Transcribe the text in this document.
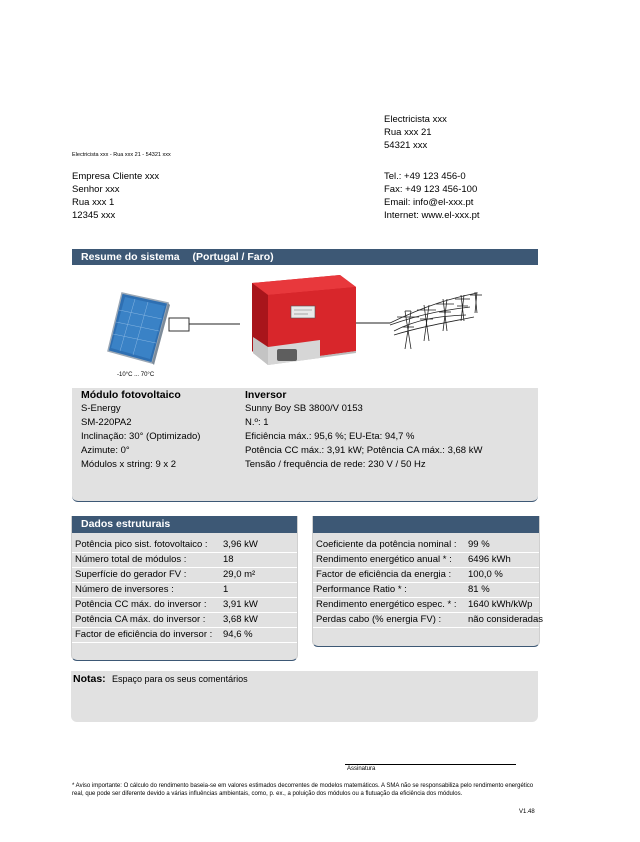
Electricista xxx
Rua xxx 21
54321 xxx
Electricista xxx - Rua xxx 21 - 54321 xxx
Empresa Cliente xxx
Senhor xxx
Rua xxx 1
12345 xxx
Tel.: +49 123 456-0
Fax: +49 123 456-100
Email: info@el-xxx.pt
Internet: www.el-xxx.pt
Resume do sistema (Portugal / Faro)
-10°C ... 70°C
Módulo fotovoltaico
S-Energy
SM-220PA2
Inclinação: 30° (Optimizado)
Azimute: 0°
Módulos x string: 9 x 2
Inversor
Sunny Boy SB 3800/V 0153
N.º: 1
Eficiência máx.: 95,6 %; EU-Eta: 94,7 %
Potência CC máx.: 3,91 kW; Potência CA máx.: 3,68 kW
Tensão / frequência de rede: 230 V / 50 Hz
Dados estruturais
Potência pico sist. fotovoltaico : 3,96 kW
Número total de módulos :	18
Superfície do gerador FV :	29,0 m²
Número de inversores :	1
Potência CC máx. do inversor : 3,91 kW
Potência CA máx. do inversor : 3,68 kW
Factor de eficiência do inversor : 94,6 %
Coeficiente da potência nominal : 99 %
Rendimento energético anual * : 6496 kWh
Factor de eficiência da energia : 100,0 %
Performance Ratio * :	81 %
Rendimento energético espec. * : 1640 kWh/kWp
Perdas cabo (% energia FV) :	não consideradas
Notas: Espaço para os seus comentários
Assinatura
* Aviso importante: O cálculo do rendimento baseia-se em valores estimados decorrentes de modelos matemáticos. A SMA não se responsabiliza pelo rendimento energético real, que pode ser diferente devido a várias influências ambientais, como, p. ex., a poluição dos módulos ou a flutuação da eficiência dos módulos.
V1.48
